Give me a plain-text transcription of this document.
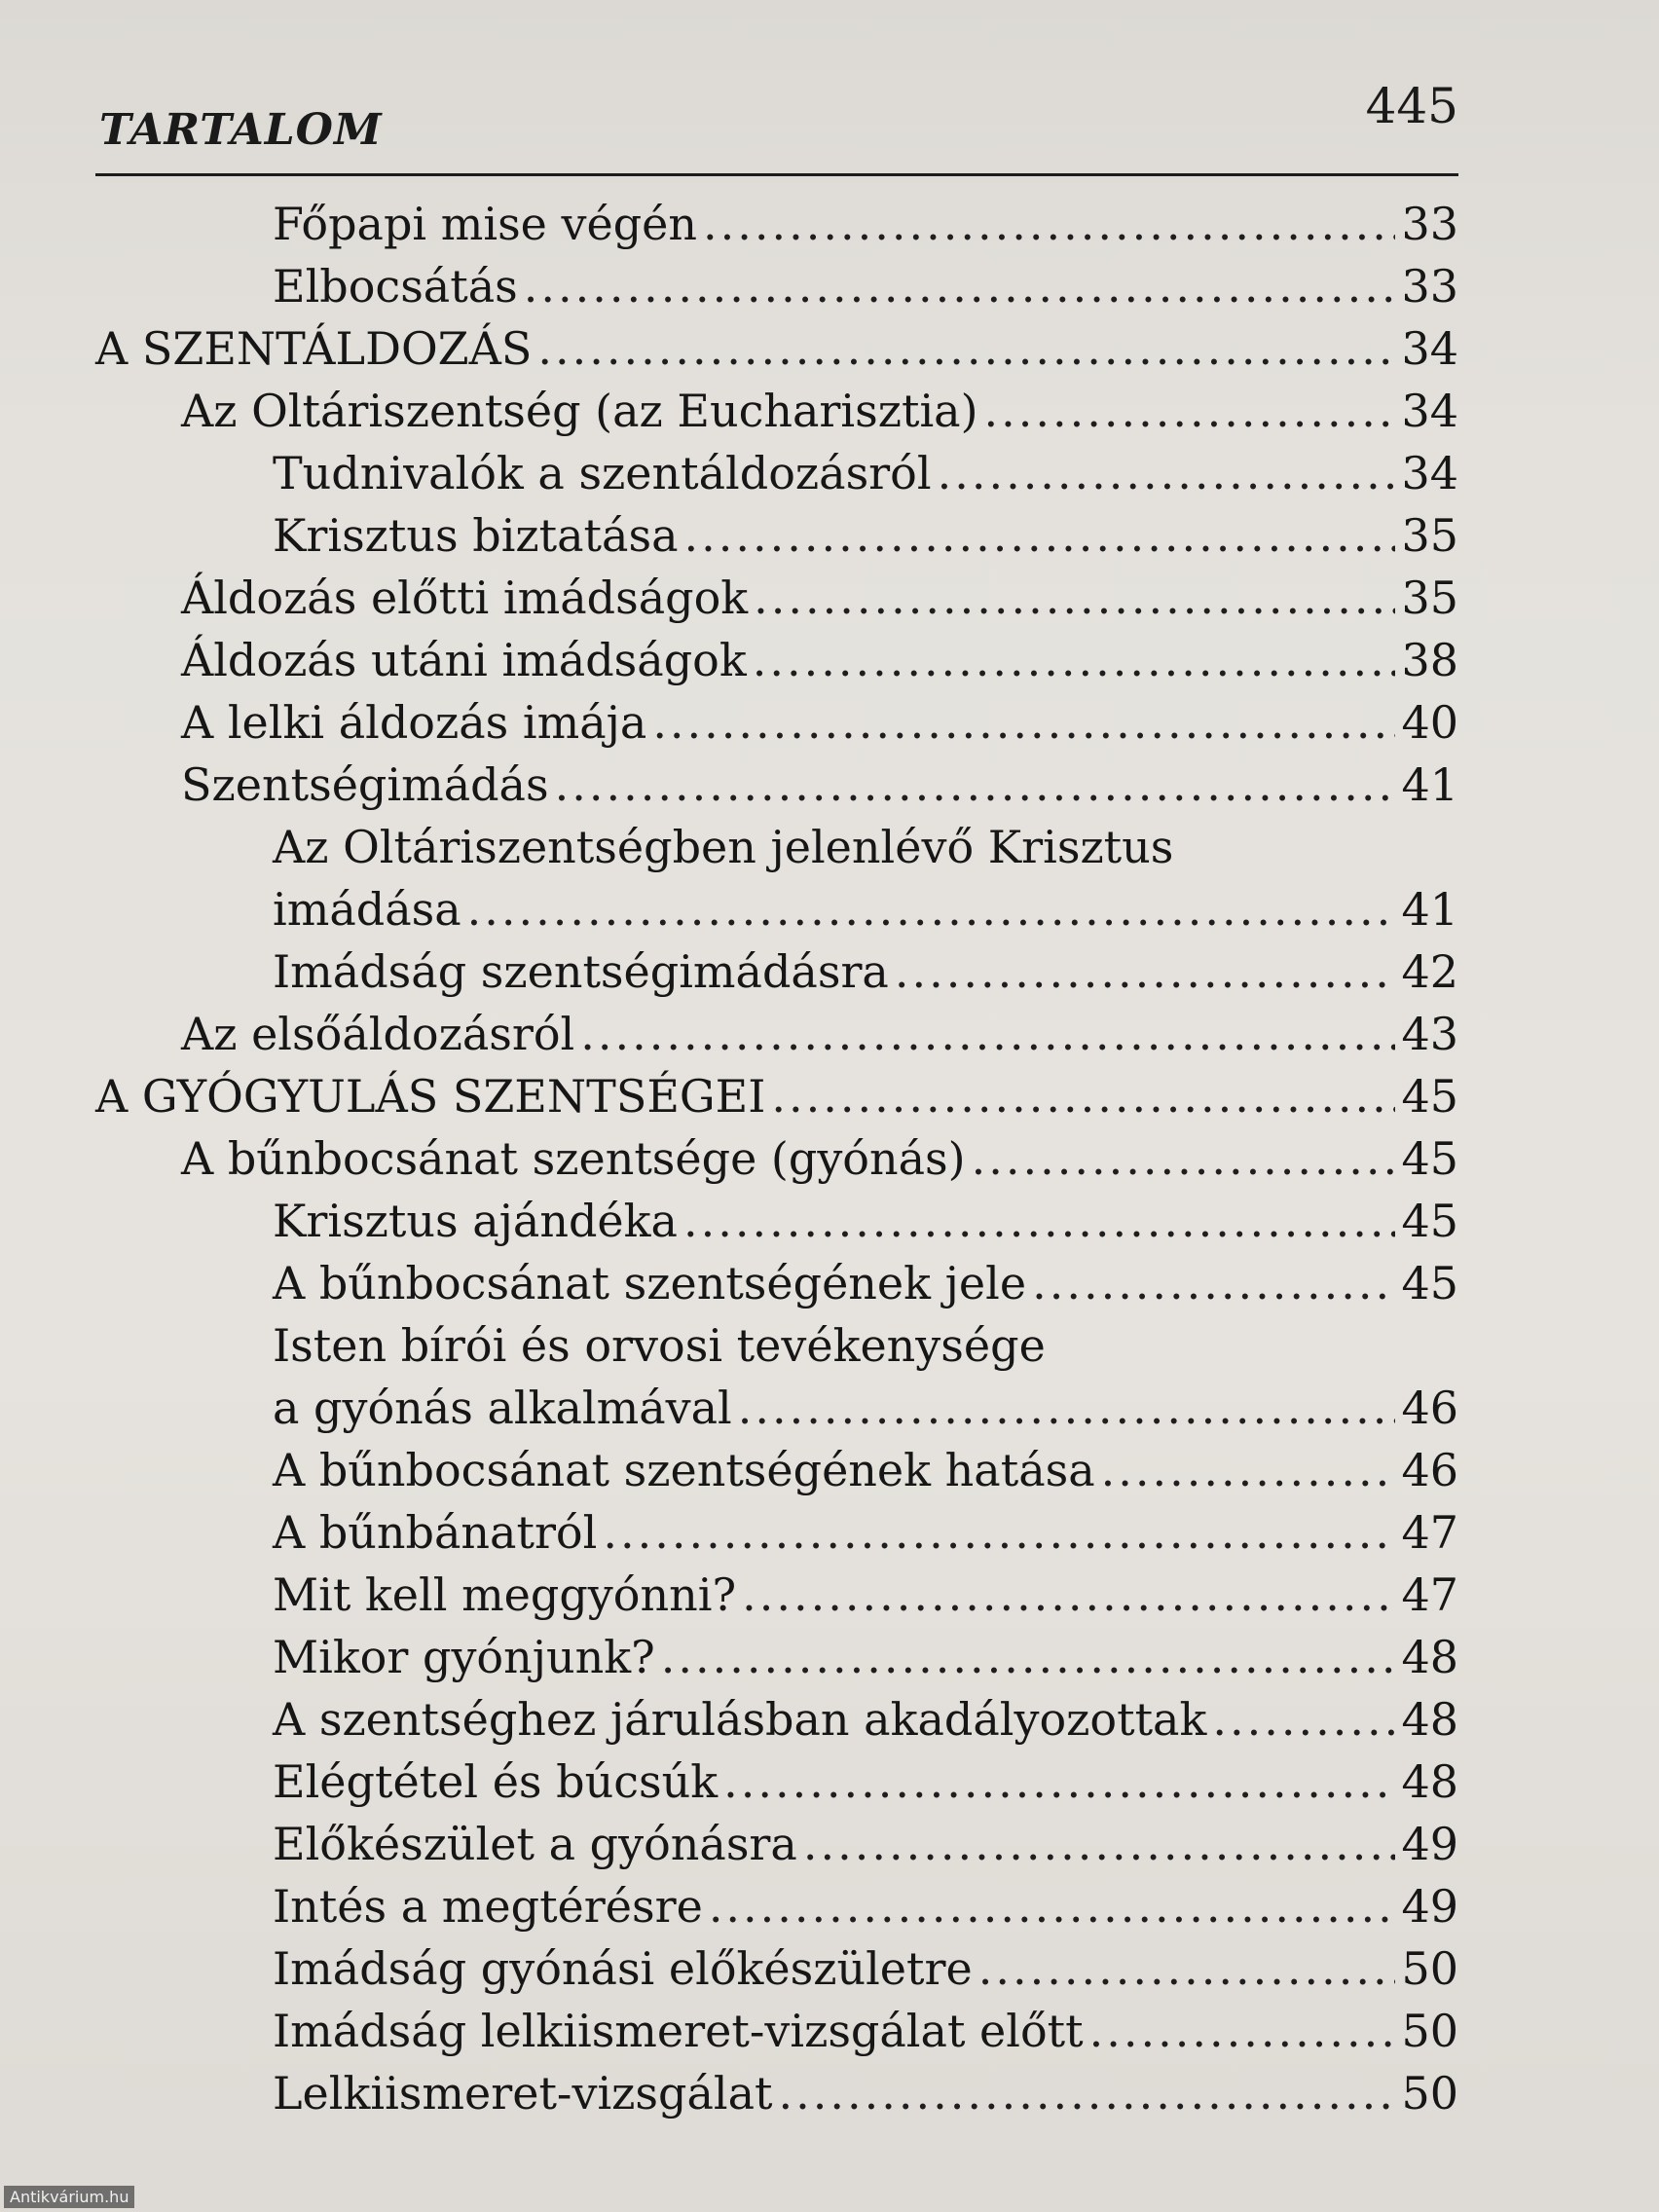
TARTALOM	445
Főpapi mise végén .....	33
Elbocsátás .....	33
A SZENTÁLDOZÁS .....	34
Az Oltáriszentség (az Eucharisztia) .....	34
Tudnivalók a szentáldozásról .....	34
Krisztus biztatása .....	35
Áldozás előtti imádságok .....	35
Áldozás utáni imádságok .....	38
A lelki áldozás imája .....	40
Szentségimádás .....	41
Az Oltáriszentségben jelenlévő Krisztus
imádása .....	41
Imádság szentségimádásra .....	42
Az elsőáldozásról .....	43
A GYÓGYULÁS SZENTSÉGEI .....	45
A bűnbocsánat szentsége (gyónás) .....	45
Krisztus ajándéka .....	45
A bűnbocsánat szentségének jele .....	45
Isten bírói és orvosi tevékenysége
a gyónás alkalmával .....	46
A bűnbocsánat szentségének hatása .....	46
A bűnbánatról .....	47
Mit kell meggyónni? .....	47
Mikor gyónjunk? .....	48
A szentséghez járulásban akadályozottak .....	48
Elégtétel és búcsúk .....	48
Előkészület a gyónásra .....	49
Intés a megtérésre .....	49
Imádság gyónási előkészületre .....	50
Imádság lelkiismeret-vizsgálat előtt .....	50
Lelkiismeret-vizsgálat .....	50
Antikvárium.hu
